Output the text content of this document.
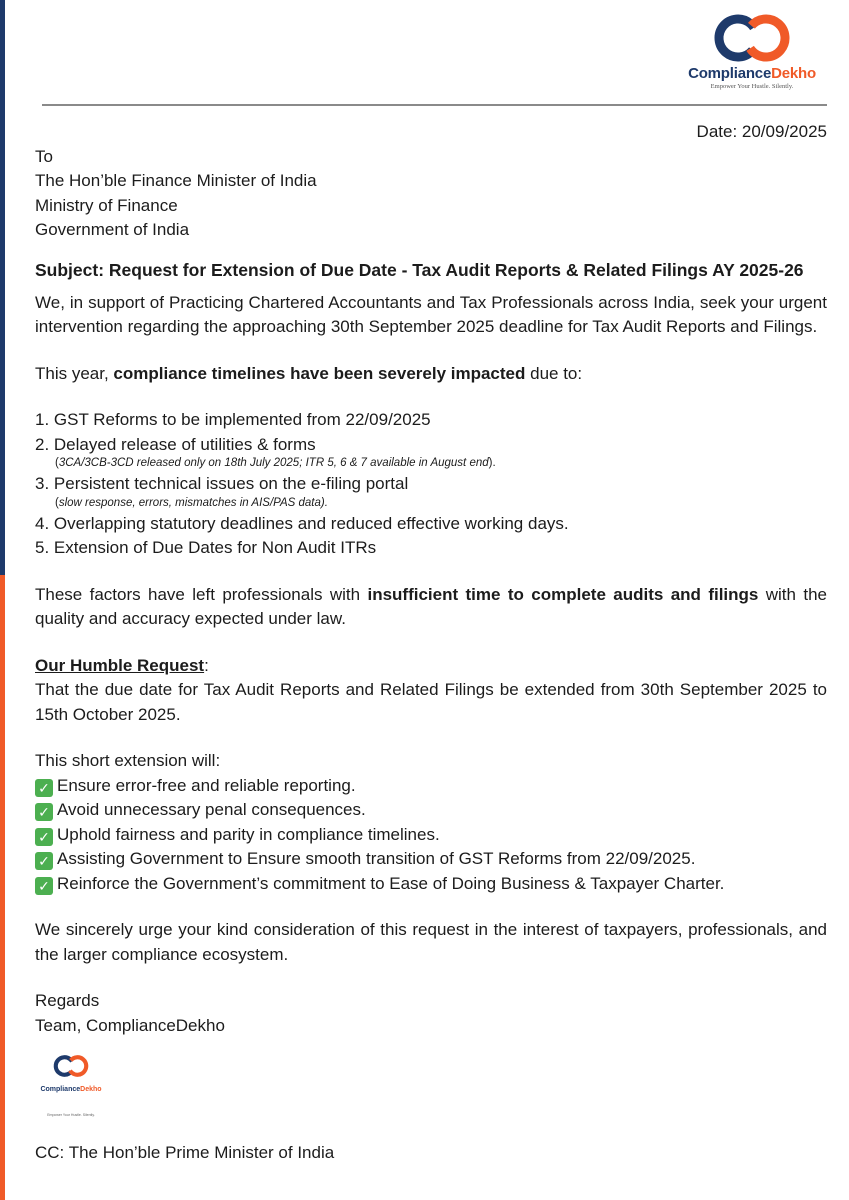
ComplianceDekho
Empower Your Hustle. Silently.
Date: 20/09/2025

To

The Hon’ble Finance Minister of India

Ministry of Finance

Government of India

Subject: Request for Extension of Due Date - Tax Audit Reports & Related Filings AY 2025-26

We, in support of Practicing Chartered Accountants and Tax Professionals across India, seek your urgent intervention regarding the approaching 30th September 2025 deadline for Tax Audit Reports and Filings.

This year, compliance timelines have been severely impacted due to:

1. GST Reforms to be implemented from 22/09/2025

2. Delayed release of utilities & forms

(3CA/3CB-3CD released only on 18th July 2025; ITR 5, 6 & 7 available in August end).

3. Persistent technical issues on the e-filing portal

(slow response, errors, mismatches in AIS/PAS data).

4. Overlapping statutory deadlines and reduced effective working days.

5. Extension of Due Dates for Non Audit ITRs

These factors have left professionals with insufficient time to complete audits and filings with the quality and accuracy expected under law.

Our Humble Request:

That the due date for Tax Audit Reports and Related Filings be extended from 30th September 2025 to 15th October 2025.

This short extension will:

✓ Ensure error-free and reliable reporting.

✓ Avoid unnecessary penal consequences.

✓ Uphold fairness and parity in compliance timelines.

✓ Assisting Government to Ensure smooth transition of GST Reforms from 22/09/2025.

✓ Reinforce the Government’s commitment to Ease of Doing Business & Taxpayer Charter.

We sincerely urge your kind consideration of this request in the interest of taxpayers, professionals, and the larger compliance ecosystem.

Regards

Team, ComplianceDekho

ComplianceDekho
Empower Your Hustle. Silently.

CC: The Hon’ble Prime Minister of India
